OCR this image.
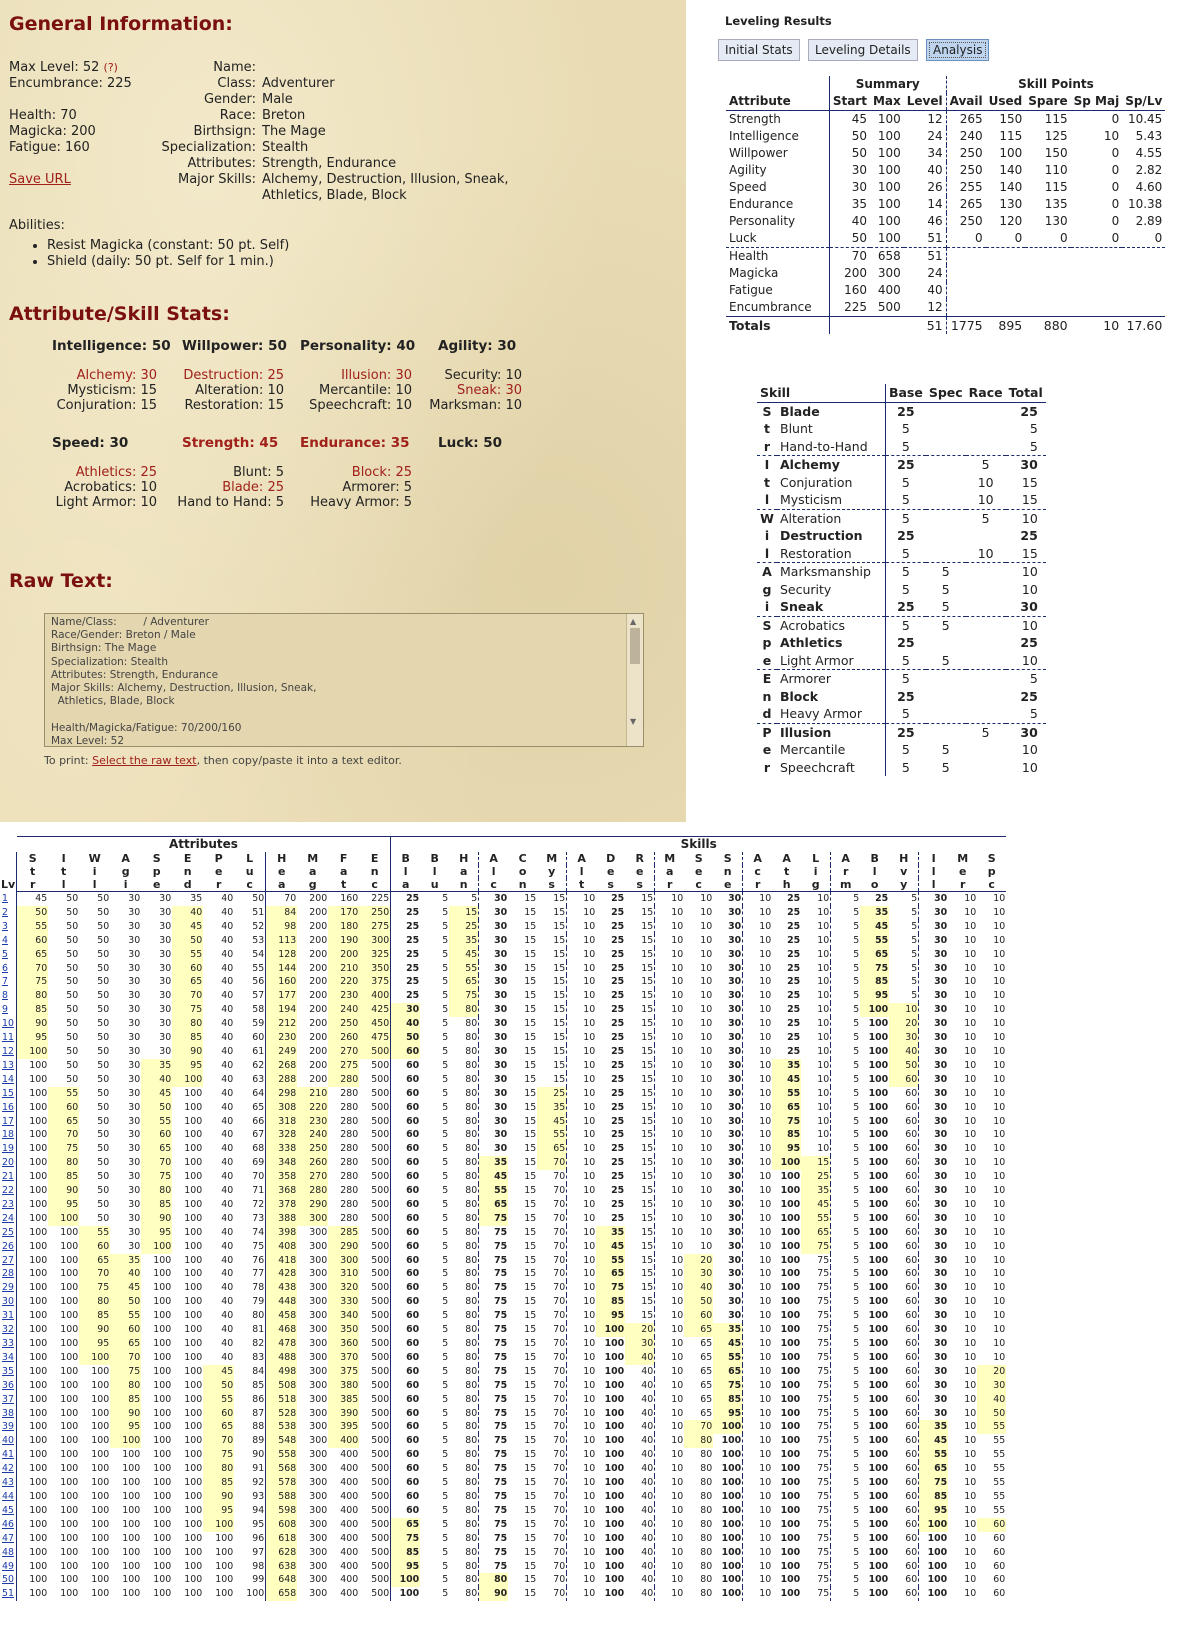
General Information:
Max Level: 52 (?)
Encumbrance: 225
Health: 70
Magicka: 200
Fatigue: 160
Save URL
Name:
Class: Adventurer
Gender: Male
Race: Breton
Birthsign: The Mage
Specialization: Stealth
Attributes: Strength, Endurance
Major Skills: Alchemy, Destruction, Illusion, Sneak,
Athletics, Blade, Block
Abilities:
• Resist Magicka (constant: 50 pt. Self)
• Shield (daily: 50 pt. Self for 1 min.)
Attribute/Skill Stats:
Raw Text:
Name/Class:        / Adventurer
Race/Gender: Breton / Male
Birthsign: The Mage
Specialization: Stealth
Attributes: Strength, Endurance
Major Skills: Alchemy, Destruction, Illusion, Sneak,
Athletics, Blade, Block

Health/Magicka/Fatigue: 70/200/160
Max Level: 52
▲
▼
To print: Select the raw text, then copy/paste it into a text editor.
Leveling Results
Initial Stats	Leveling Details	Analysis
	Summary			Skill Points				
Attribute	Start	Max	Level	Avail	Used	Spare	Sp Maj	Sp/Lv
Strength	45	100	12	265	150	115	0	10.45
Intelligence	50	100	24	240	115	125	10	5.43
Willpower	50	100	34	250	100	150	0	4.55
Agility	30	100	40	250	140	110	0	2.82
Speed	30	100	26	255	140	115	0	4.60
Endurance	35	100	14	265	130	135	0	10.38
Personality	40	100	46	250	120	130	0	2.89
Luck	50	100	51	0	0	0	0	0
Health	70	658	51					
Magicka	200	300	24					
Fatigue	160	400	40					
Encumbrance	225	500	12					
Totals			51	1775	895	880	10	17.60
Skill		Base	Spec	Race	Total
S	Blade	25			25
t	Blunt	5			5
r	Hand-to-Hand	5			5
I	Alchemy	25		5	30
t	Conjuration	5		10	15
l	Mysticism	5		10	15
W	Alteration	5		5	10
i	Destruction	25			25
l	Restoration	5		10	15
A	Marksmanship	5	5		10
g	Security	5	5		10
i	Sneak	25	5		30
S	Acrobatics	5	5		10
p	Athletics	25			25
e	Light Armor	5	5		10
E	Armorer	5			5
n	Block	25			25
d	Heavy Armor	5			5
P	Illusion	25		5	30
e	Mercantile	5	5		10
r	Speechcraft	5	5		10
	Attributes												Skills																				
	S	I	W	A	S	E	P	L	H	M	F	E	B	B	H	A	C	M	A	D	R	M	S	S	A	A	L	A	B	H	I	M	S
	t	t	i	g	p	n	e	u	e	a	a	n	l	l	a	l	o	y	l	e	e	a	e	n	c	t	i	r	l	v	l	e	p
Lv	r	l	l	i	e	d	r	c	a	g	t	c	a	u	n	c	n	s	t	s	s	r	c	e	r	h	g	m	o	y	l	r	c
1	45	50	50	30	30	35	40	50	70	200	160	225	25	5	5	30	15	15	10	25	15	10	10	30	10	25	10	5	25	5	30	10	10
2	50	50	50	30	30	40	40	51	84	200	170	250	25	5	15	30	15	15	10	25	15	10	10	30	10	25	10	5	35	5	30	10	10
3	55	50	50	30	30	45	40	52	98	200	180	275	25	5	25	30	15	15	10	25	15	10	10	30	10	25	10	5	45	5	30	10	10
4	60	50	50	30	30	50	40	53	113	200	190	300	25	5	35	30	15	15	10	25	15	10	10	30	10	25	10	5	55	5	30	10	10
5	65	50	50	30	30	55	40	54	128	200	200	325	25	5	45	30	15	15	10	25	15	10	10	30	10	25	10	5	65	5	30	10	10
6	70	50	50	30	30	60	40	55	144	200	210	350	25	5	55	30	15	15	10	25	15	10	10	30	10	25	10	5	75	5	30	10	10
7	75	50	50	30	30	65	40	56	160	200	220	375	25	5	65	30	15	15	10	25	15	10	10	30	10	25	10	5	85	5	30	10	10
8	80	50	50	30	30	70	40	57	177	200	230	400	25	5	75	30	15	15	10	25	15	10	10	30	10	25	10	5	95	5	30	10	10
9	85	50	50	30	30	75	40	58	194	200	240	425	30	5	80	30	15	15	10	25	15	10	10	30	10	25	10	5	100	10	30	10	10
10	90	50	50	30	30	80	40	59	212	200	250	450	40	5	80	30	15	15	10	25	15	10	10	30	10	25	10	5	100	20	30	10	10
11	95	50	50	30	30	85	40	60	230	200	260	475	50	5	80	30	15	15	10	25	15	10	10	30	10	25	10	5	100	30	30	10	10
12	100	50	50	30	30	90	40	61	249	200	270	500	60	5	80	30	15	15	10	25	15	10	10	30	10	25	10	5	100	40	30	10	10
13	100	50	50	30	35	95	40	62	268	200	275	500	60	5	80	30	15	15	10	25	15	10	10	30	10	35	10	5	100	50	30	10	10
14	100	50	50	30	40	100	40	63	288	200	280	500	60	5	80	30	15	15	10	25	15	10	10	30	10	45	10	5	100	60	30	10	10
15	100	55	50	30	45	100	40	64	298	210	280	500	60	5	80	30	15	25	10	25	15	10	10	30	10	55	10	5	100	60	30	10	10
16	100	60	50	30	50	100	40	65	308	220	280	500	60	5	80	30	15	35	10	25	15	10	10	30	10	65	10	5	100	60	30	10	10
17	100	65	50	30	55	100	40	66	318	230	280	500	60	5	80	30	15	45	10	25	15	10	10	30	10	75	10	5	100	60	30	10	10
18	100	70	50	30	60	100	40	67	328	240	280	500	60	5	80	30	15	55	10	25	15	10	10	30	10	85	10	5	100	60	30	10	10
19	100	75	50	30	65	100	40	68	338	250	280	500	60	5	80	30	15	65	10	25	15	10	10	30	10	95	10	5	100	60	30	10	10
20	100	80	50	30	70	100	40	69	348	260	280	500	60	5	80	35	15	70	10	25	15	10	10	30	10	100	15	5	100	60	30	10	10
21	100	85	50	30	75	100	40	70	358	270	280	500	60	5	80	45	15	70	10	25	15	10	10	30	10	100	25	5	100	60	30	10	10
22	100	90	50	30	80	100	40	71	368	280	280	500	60	5	80	55	15	70	10	25	15	10	10	30	10	100	35	5	100	60	30	10	10
23	100	95	50	30	85	100	40	72	378	290	280	500	60	5	80	65	15	70	10	25	15	10	10	30	10	100	45	5	100	60	30	10	10
24	100	100	50	30	90	100	40	73	388	300	280	500	60	5	80	75	15	70	10	25	15	10	10	30	10	100	55	5	100	60	30	10	10
25	100	100	55	30	95	100	40	74	398	300	285	500	60	5	80	75	15	70	10	35	15	10	10	30	10	100	65	5	100	60	30	10	10
26	100	100	60	30	100	100	40	75	408	300	290	500	60	5	80	75	15	70	10	45	15	10	10	30	10	100	75	5	100	60	30	10	10
27	100	100	65	35	100	100	40	76	418	300	300	500	60	5	80	75	15	70	10	55	15	10	20	30	10	100	75	5	100	60	30	10	10
28	100	100	70	40	100	100	40	77	428	300	310	500	60	5	80	75	15	70	10	65	15	10	30	30	10	100	75	5	100	60	30	10	10
29	100	100	75	45	100	100	40	78	438	300	320	500	60	5	80	75	15	70	10	75	15	10	40	30	10	100	75	5	100	60	30	10	10
30	100	100	80	50	100	100	40	79	448	300	330	500	60	5	80	75	15	70	10	85	15	10	50	30	10	100	75	5	100	60	30	10	10
31	100	100	85	55	100	100	40	80	458	300	340	500	60	5	80	75	15	70	10	95	15	10	60	30	10	100	75	5	100	60	30	10	10
32	100	100	90	60	100	100	40	81	468	300	350	500	60	5	80	75	15	70	10	100	20	10	65	35	10	100	75	5	100	60	30	10	10
33	100	100	95	65	100	100	40	82	478	300	360	500	60	5	80	75	15	70	10	100	30	10	65	45	10	100	75	5	100	60	30	10	10
34	100	100	100	70	100	100	40	83	488	300	370	500	60	5	80	75	15	70	10	100	40	10	65	55	10	100	75	5	100	60	30	10	10
35	100	100	100	75	100	100	45	84	498	300	375	500	60	5	80	75	15	70	10	100	40	10	65	65	10	100	75	5	100	60	30	10	20
36	100	100	100	80	100	100	50	85	508	300	380	500	60	5	80	75	15	70	10	100	40	10	65	75	10	100	75	5	100	60	30	10	30
37	100	100	100	85	100	100	55	86	518	300	385	500	60	5	80	75	15	70	10	100	40	10	65	85	10	100	75	5	100	60	30	10	40
38	100	100	100	90	100	100	60	87	528	300	390	500	60	5	80	75	15	70	10	100	40	10	65	95	10	100	75	5	100	60	30	10	50
39	100	100	100	95	100	100	65	88	538	300	395	500	60	5	80	75	15	70	10	100	40	10	70	100	10	100	75	5	100	60	35	10	55
40	100	100	100	100	100	100	70	89	548	300	400	500	60	5	80	75	15	70	10	100	40	10	80	100	10	100	75	5	100	60	45	10	55
41	100	100	100	100	100	100	75	90	558	300	400	500	60	5	80	75	15	70	10	100	40	10	80	100	10	100	75	5	100	60	55	10	55
42	100	100	100	100	100	100	80	91	568	300	400	500	60	5	80	75	15	70	10	100	40	10	80	100	10	100	75	5	100	60	65	10	55
43	100	100	100	100	100	100	85	92	578	300	400	500	60	5	80	75	15	70	10	100	40	10	80	100	10	100	75	5	100	60	75	10	55
44	100	100	100	100	100	100	90	93	588	300	400	500	60	5	80	75	15	70	10	100	40	10	80	100	10	100	75	5	100	60	85	10	55
45	100	100	100	100	100	100	95	94	598	300	400	500	60	5	80	75	15	70	10	100	40	10	80	100	10	100	75	5	100	60	95	10	55
46	100	100	100	100	100	100	100	95	608	300	400	500	65	5	80	75	15	70	10	100	40	10	80	100	10	100	75	5	100	60	100	10	60
47	100	100	100	100	100	100	100	96	618	300	400	500	75	5	80	75	15	70	10	100	40	10	80	100	10	100	75	5	100	60	100	10	60
48	100	100	100	100	100	100	100	97	628	300	400	500	85	5	80	75	15	70	10	100	40	10	80	100	10	100	75	5	100	60	100	10	60
49	100	100	100	100	100	100	100	98	638	300	400	500	95	5	80	75	15	70	10	100	40	10	80	100	10	100	75	5	100	60	100	10	60
50	100	100	100	100	100	100	100	99	648	300	400	500	100	5	80	80	15	70	10	100	40	10	80	100	10	100	75	5	100	60	100	10	60
51	100	100	100	100	100	100	100	100	658	300	400	500	100	5	80	90	15	70	10	100	40	10	80	100	10	100	75	5	100	60	100	10	60
Intelligence: 50
Alchemy: 30
Mysticism: 15
Conjuration: 15
Willpower: 50
Destruction: 25
Alteration: 10
Restoration: 15
Personality: 40
Illusion: 30
Mercantile: 10
Speechcraft: 10
Agility: 30
Security: 10
Sneak: 30
Marksman: 10
Speed: 30
Athletics: 25
Acrobatics: 10
Light Armor: 10
Strength: 45
Blunt: 5
Blade: 25
Hand to Hand: 5
Endurance: 35
Block: 25
Armorer: 5
Heavy Armor: 5
Luck: 50
